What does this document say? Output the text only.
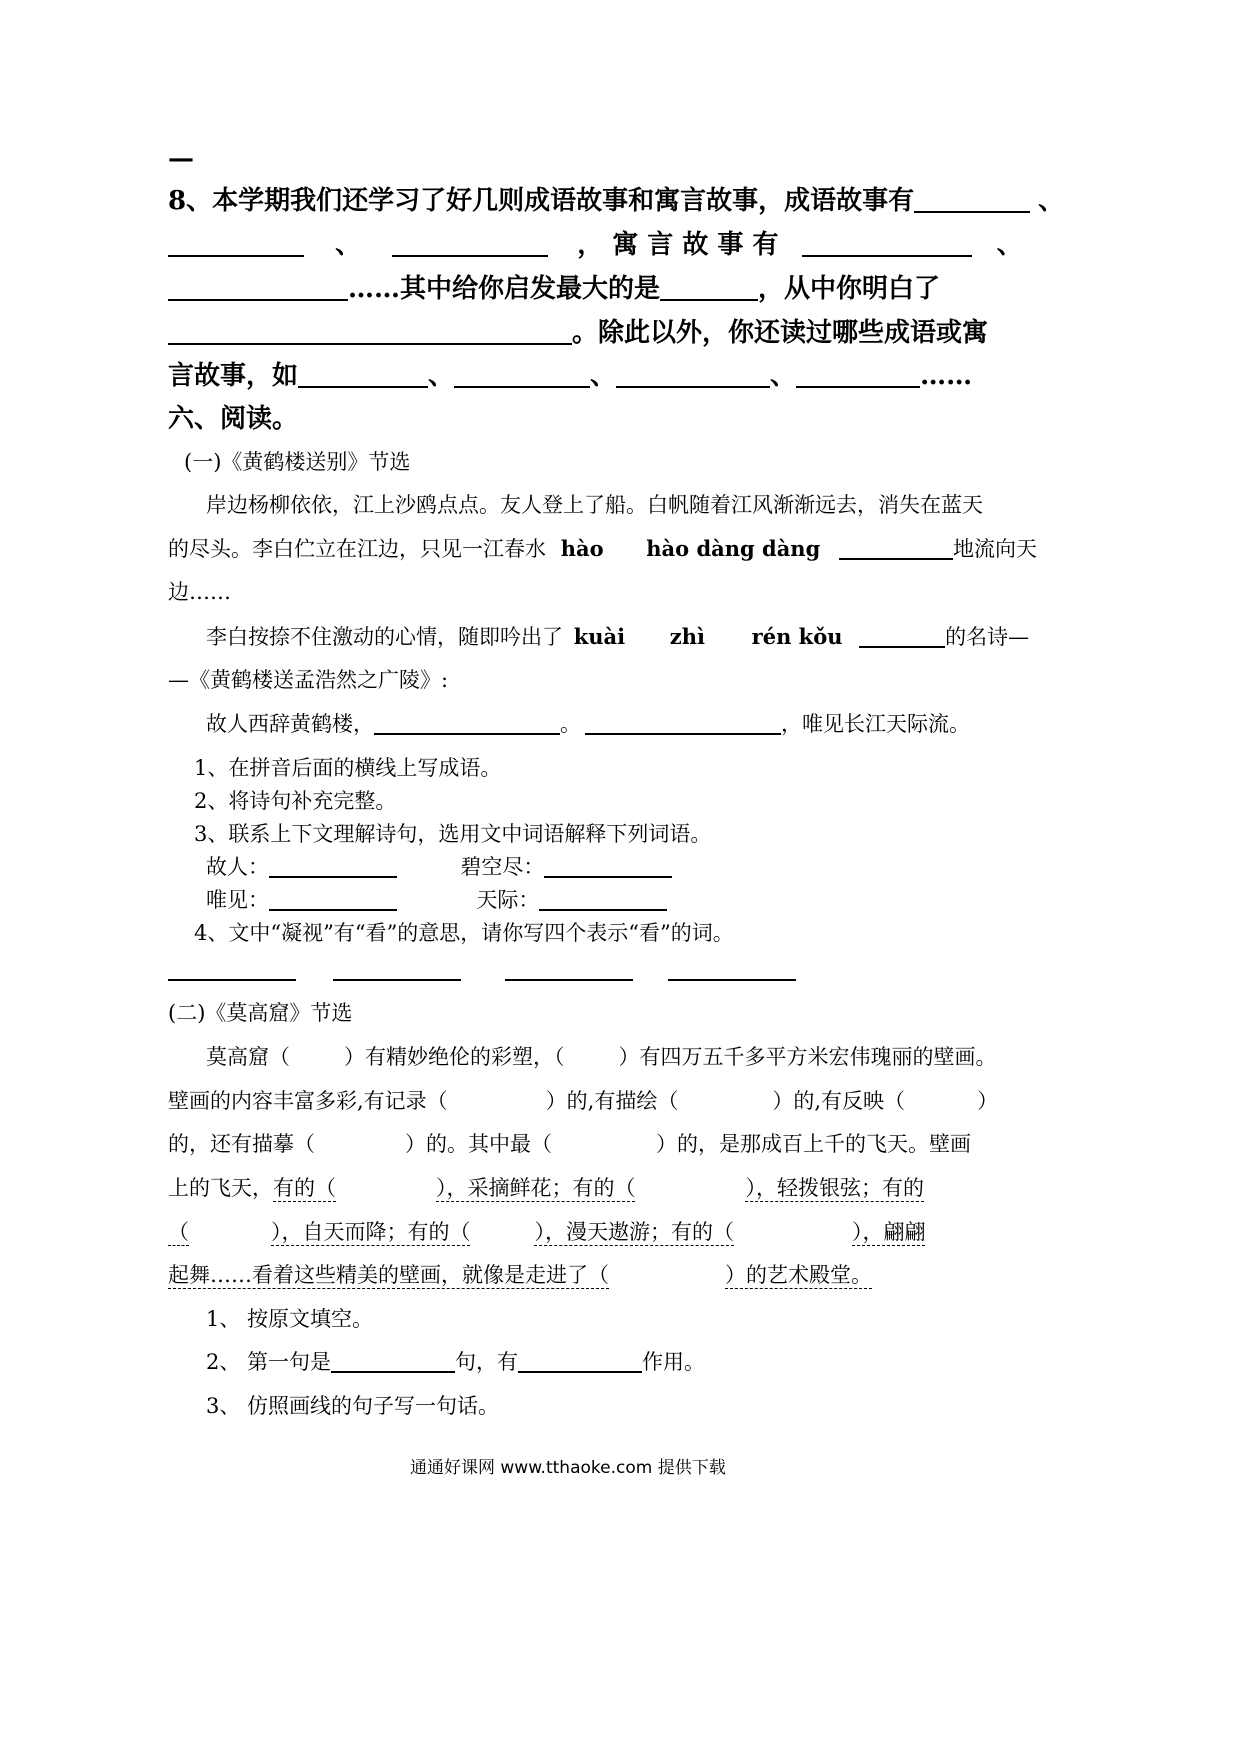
—
8、本学期我们还学习了好几则成语故事和寓言故事，成语故事有	、
、	， 寓 言 故 事 有	、
……其中给你启发最大的是	，从中你明白了
。除此以外，你还读过哪些成语或寓
言故事，如	、	、	、	……
六、阅读。
(一)《黄鹤楼送别》节选
岸边杨柳依依，江上沙鸥点点。友人登上了船。白帆随着江风渐渐远去，消失在蓝天
的尽头。李白伫立在江边，只见一江春水 hào hào dàng dàng	地流向天
边……
李白按捺不住激动的心情，随即吟出了 kuài zhì rén kǒu	的名诗—
—《黄鹤楼送孟浩然之广陵》:
故人西辞黄鹤楼，	。	，唯见长江天际流。
1、在拼音后面的横线上写成语。
2、将诗句补充完整。
3、联系上下文理解诗句，选用文中词语解释下列词语。
故人：	碧空尽：
唯见：	天际：
4、文中“凝视”有“看”的意思，请你写四个表示“看”的词。

(二)《莫高窟》节选
莫高窟（	）有精妙绝伦的彩塑，（	）有四万五千多平方米宏伟瑰丽的壁画。
壁画的内容丰富多彩,有记录（	）的,有描绘（	）的,有反映（	）
的，还有描摹（	）的。其中最（	）的，是那成百上千的飞天。壁画
上的飞天，有的（	），采摘鲜花；有的（	），轻拨银弦；有的
（	），自天而降；有的（	），漫天遨游；有的（	），翩翩
起舞……看着这些精美的壁画，就像是走进了（	）的艺术殿堂。
1、 按原文填空。
2、 第一句是	句，有	作用。
3、 仿照画线的句子写一句话。
通通好课网 www.tthaoke.com 提供下载
